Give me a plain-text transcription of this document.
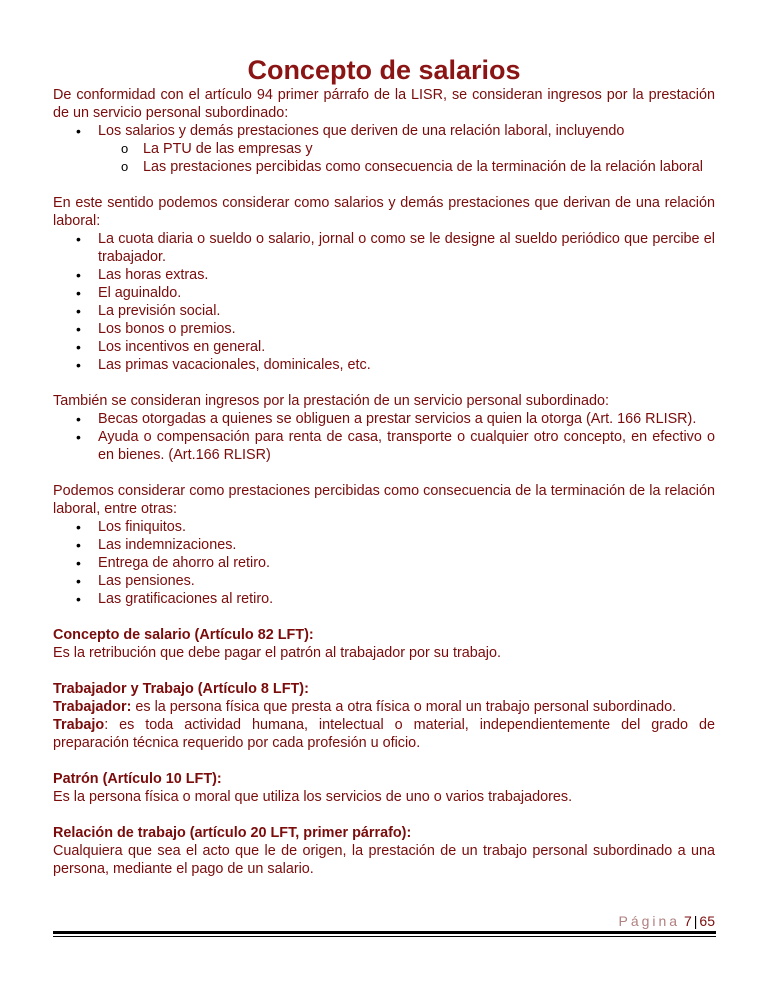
Concepto de salarios

De conformidad con el artículo 94 primer párrafo de la LISR, se consideran ingresos por la prestación de un servicio personal subordinado:

• Los salarios y demás prestaciones que deriven de una relación laboral, incluyendo
o La PTU de las empresas y
o Las prestaciones percibidas como consecuencia de la terminación de la relación laboral

En este sentido podemos considerar como salarios y demás prestaciones que derivan de una relación laboral:

• La cuota diaria o sueldo o salario, jornal o como se le designe al sueldo periódico que percibe el trabajador.
• Las horas extras.
• El aguinaldo.
• La previsión social.
• Los bonos o premios.
• Los incentivos en general.
• Las primas vacacionales, dominicales, etc.

También se consideran ingresos por la prestación de un servicio personal subordinado:

• Becas otorgadas a quienes se obliguen a prestar servicios a quien la otorga (Art. 166 RLISR).
• Ayuda o compensación para renta de casa, transporte o cualquier otro concepto, en efectivo o en bienes. (Art.166 RLISR)

Podemos considerar como prestaciones percibidas como consecuencia de la terminación de la relación laboral, entre otras:

• Los finiquitos.
• Las indemnizaciones.
• Entrega de ahorro al retiro.
• Las pensiones.
• Las gratificaciones al retiro.

Concepto de salario (Artículo 82 LFT):

Es la retribución que debe pagar el patrón al trabajador por su trabajo.

Trabajador y Trabajo (Artículo 8 LFT):

Trabajador: es la persona física que presta a otra física o moral un trabajo personal subordinado.

Trabajo: es toda actividad humana, intelectual o material, independientemente del grado de preparación técnica requerido por cada profesión u oficio.

Patrón (Artículo 10 LFT):

Es la persona física o moral que utiliza los servicios de uno o varios trabajadores.

Relación de trabajo (artículo 20 LFT, primer párrafo):

Cualquiera que sea el acto que le de origen, la prestación de un trabajo personal subordinado a una persona, mediante el pago de un salario.

Página 7 | 65
